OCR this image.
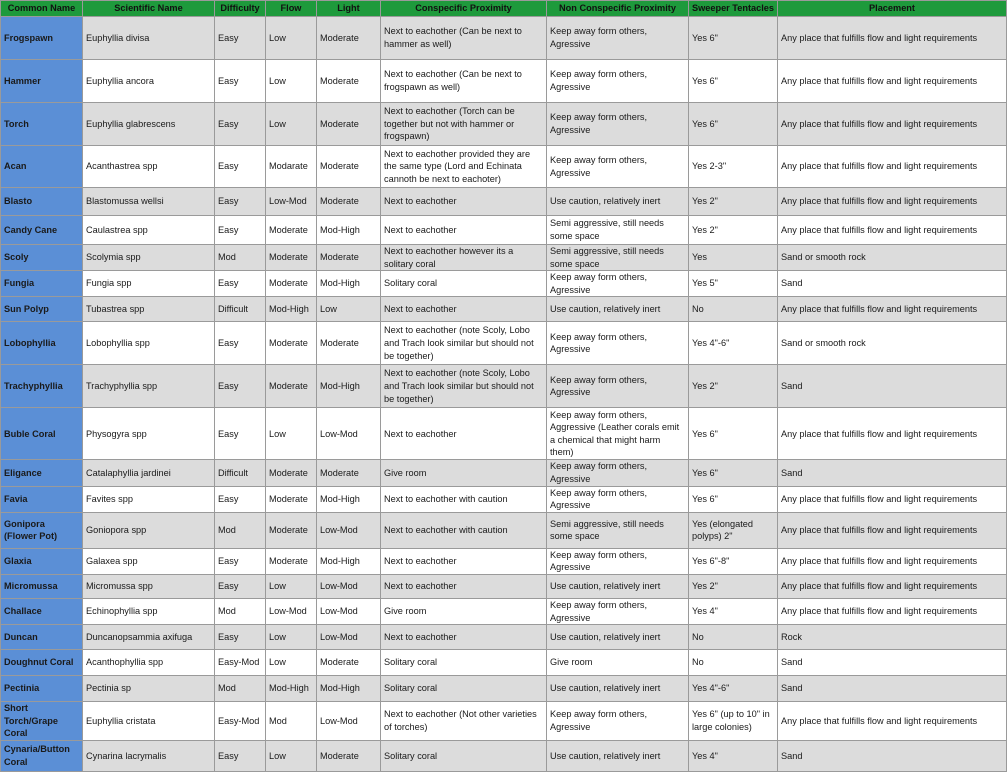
Common Name	Scientific Name	Difficulty	Flow	Light	Conspecific Proximity	Non Conspecific Proximity	Sweeper Tentacles	Placement
Frogspawn	Euphyllia divisa	Easy	Low	Moderate	Next to eachother (Can be next to hammer as well)	Keep away form others, Agressive	Yes 6"	Any place that fulfills flow and light requirements
Hammer	Euphyllia ancora	Easy	Low	Moderate	Next to eachother (Can be next to frogspawn as well)	Keep away form others, Agressive	Yes 6"	Any place that fulfills flow and light requirements
Torch	Euphyllia glabrescens	Easy	Low	Moderate	Next to eachother (Torch can be together but not with hammer or frogspawn)	Keep away form others, Agressive	Yes 6"	Any place that fulfills flow and light requirements
Acan	Acanthastrea spp	Easy	Modarate	Moderate	Next to eachother provided they are the same type (Lord and Echinata cannoth be next to eachoter)	Keep away form others, Agressive	Yes 2-3"	Any place that fulfills flow and light requirements
Blasto	Blastomussa wellsi	Easy	Low-Mod	Moderate	Next to eachother	Use caution, relatively inert	Yes 2"	Any place that fulfills flow and light requirements
Candy Cane	Caulastrea spp	Easy	Moderate	Mod-High	Next to eachother	Semi aggressive, still needs some space	Yes 2"	Any place that fulfills flow and light requirements
Scoly	Scolymia spp	Mod	Moderate	Moderate	Next to eachother however its a solitary coral	Semi aggressive, still needs some space	Yes	Sand or smooth rock
Fungia	Fungia spp	Easy	Moderate	Mod-High	Solitary coral	Keep away form others, Agressive	Yes 5"	Sand
Sun Polyp	Tubastrea spp	Difficult	Mod-High	Low	Next to eachother	Use caution, relatively inert	No	Any place that fulfills flow and light requirements
Lobophyllia	Lobophyllia spp	Easy	Moderate	Moderate	Next to eachother (note Scoly, Lobo and Trach look similar but should not be together)	Keep away form others, Agressive	Yes 4"-6"	Sand or smooth rock
Trachyphyllia	Trachyphyllia spp	Easy	Moderate	Mod-High	Next to eachother (note Scoly, Lobo and Trach look similar but should not be together)	Keep away form others, Agressive	Yes 2"	Sand
Buble Coral	Physogyra spp	Easy	Low	Low-Mod	Next to eachother	Keep away form others, Aggressive (Leather corals emit a chemical that might harm them)	Yes 6"	Any place that fulfills flow and light requirements
Eligance	Catalaphyllia jardinei	Difficult	Moderate	Moderate	Give room	Keep away form others, Agressive	Yes 6"	Sand
Favia	Favites spp	Easy	Moderate	Mod-High	Next to eachother with caution	Keep away form others, Agressive	Yes 6"	Any place that fulfills flow and light requirements
Gonipora (Flower Pot)	Goniopora spp	Mod	Moderate	Low-Mod	Next to eachother with caution	Semi aggressive, still needs some space	Yes (elongated polyps) 2"	Any place that fulfills flow and light requirements
Glaxia	Galaxea spp	Easy	Moderate	Mod-High	Next to eachother	Keep away form others, Agressive	Yes 6"-8"	Any place that fulfills flow and light requirements
Micromussa	Micromussa spp	Easy	Low	Low-Mod	Next to eachother	Use caution, relatively inert	Yes 2"	Any place that fulfills flow and light requirements
Challace	Echinophyllia spp	Mod	Low-Mod	Low-Mod	Give room	Keep away form others, Agressive	Yes 4"	Any place that fulfills flow and light requirements
Duncan	Duncanopsammia axifuga	Easy	Low	Low-Mod	Next to eachother	Use caution, relatively inert	No	Rock
Doughnut Coral	Acanthophyllia spp	Easy-Mod	Low	Moderate	Solitary coral	Give room	No	Sand
Pectinia	Pectinia sp	Mod	Mod-High	Mod-High	Solitary coral	Use caution, relatively inert	Yes 4"-6"	Sand
Short Torch/Grape Coral	Euphyllia cristata	Easy-Mod	Mod	Low-Mod	Next to eachother (Not other varieties of torches)	Keep away form others, Agressive	Yes 6" (up to 10" in large colonies)	Any place that fulfills flow and light requirements
Cynaria/Button Coral	Cynarina lacrymalis	Easy	Low	Moderate	Solitary coral	Use caution, relatively inert	Yes 4"	Sand
